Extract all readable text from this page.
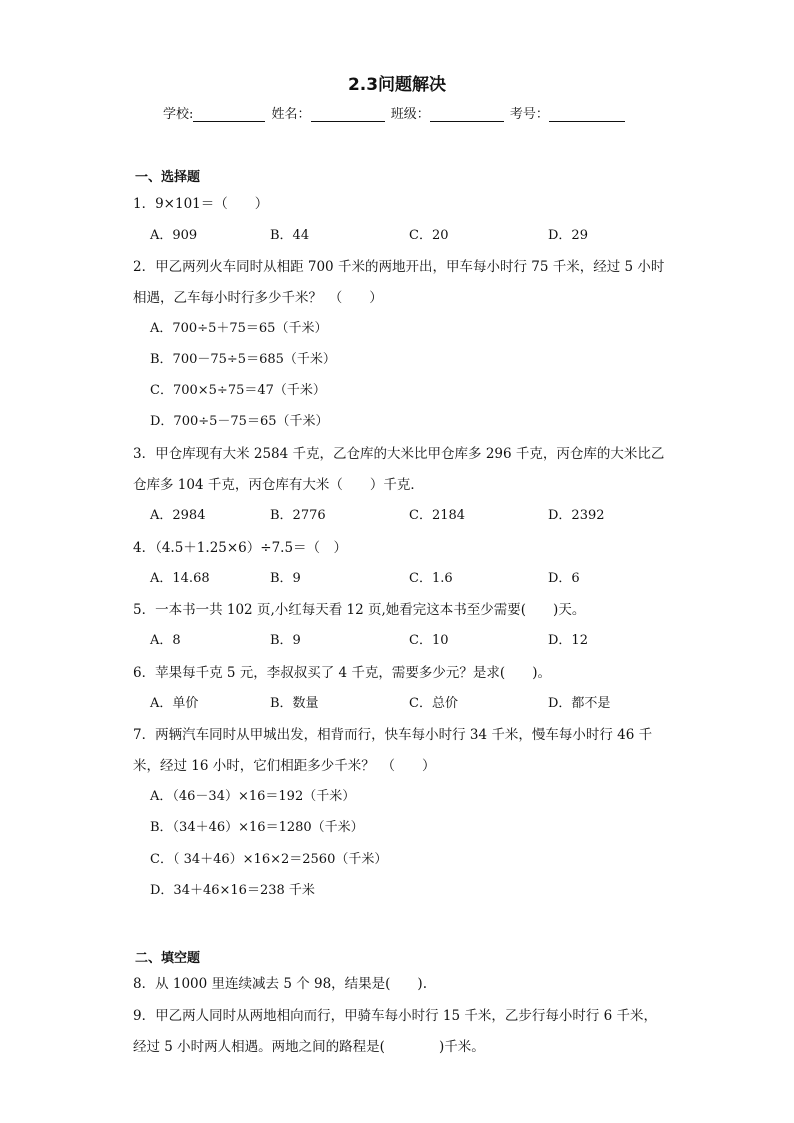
2.3问题解决
学校:	姓名：	班级：	考号：
一、选择题
1．9×101＝（　　）
A．909	B．44	C．20	D．29
2．甲乙两列火车同时从相距 700 千米的两地开出，甲车每小时行 75 千米，经过 5 小时
相遇，乙车每小时行多少千米？　（　　）
A．700÷5＋75＝65（千米）
B．700－75÷5＝685（千米）
C．700×5÷75＝47（千米）
D．700÷5－75＝65（千米）
3．甲仓库现有大米 2584 千克，乙仓库的大米比甲仓库多 296 千克，丙仓库的大米比乙
仓库多 104 千克，丙仓库有大米（　　）千克．
A．2984	B．2776	C．2184	D．2392
4．（4.5＋1.25×6）÷7.5＝（　）
A．14.68	B．9	C．1.6	D．6
5．一本书一共 102 页,小红每天看 12 页,她看完这本书至少需要(　　)天。
A．8	B．9	C．10	D．12
6．苹果每千克 5 元，李叔叔买了 4 千克，需要多少元？是求(　　)。
A．单价	B．数量	C．总价	D．都不是
7．两辆汽车同时从甲城出发，相背而行，快车每小时行 34 千米，慢车每小时行 46 千
米，经过 16 小时，它们相距多少千米？　（　　）
A．（46－34）×16＝192（千米）
B．（34＋46）×16＝1280（千米）
C．（ 34＋46）×16×2＝2560（千米）
D．34＋46×16＝238 千米
二、填空题
8．从 1000 里连续减去 5 个 98，结果是(　　).
9．甲乙两人同时从两地相向而行，甲骑车每小时行 15 千米，乙步行每小时行 6 千米，
经过 5 小时两人相遇。两地之间的路程是(　　　　)千米。
